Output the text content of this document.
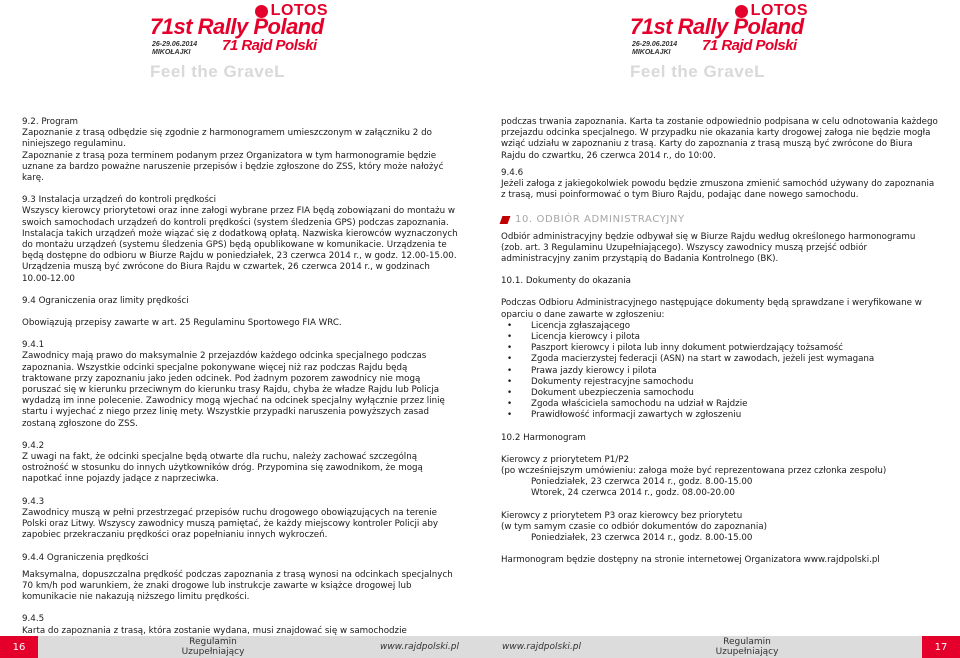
LOTOS
71st Rally Poland
71 Rajd Polski
26-29.06.2014
MIKOŁAJKI
Feel the GraveL
LOTOS
71st Rally Poland
71 Rajd Polski
26-29.06.2014
MIKOŁAJKI
Feel the GraveL

9.2. Program

Zapoznanie z trasą odbędzie się zgodnie z harmonogramem umieszczonym w załączniku 2 do niniejszego regulaminu.

Zapoznanie z trasą poza terminem podanym przez Organizatora w tym harmonogramie będzie uznane za bardzo poważne naruszenie przepisów i będzie zgłoszone do ZSS, który może nałożyć karę.

9.3 Instalacja urządzeń do kontroli prędkości

Wszyscy kierowcy priorytetowi oraz inne załogi wybrane przez FIA będą zobowiązani do montażu w swoich samochodach urządzeń do kontroli prędkości (system śledzenia GPS) podczas zapoznania. Instalacja takich urządzeń może wiązać się z dodatkową opłatą. Nazwiska kierowców wyznaczonych do montażu urządzeń (systemu śledzenia GPS) będą opublikowane w komunikacie. Urządzenia te będą dostępne do odbioru w Biurze Rajdu w poniedziałek, 23 czerwca 2014 r., w godz. 12.00-15.00. Urządzenia muszą być zwrócone do Biura Rajdu w czwartek, 26 czerwca 2014 r., w godzinach 10.00-12.00

9.4 Ograniczenia oraz limity prędkości

Obowiązują przepisy zawarte w art. 25 Regulaminu Sportowego FIA WRC.

9.4.1

Zawodnicy mają prawo do maksymalnie 2 przejazdów każdego odcinka specjalnego podczas zapoznania. Wszystkie odcinki specjalne pokonywane więcej niż raz podczas Rajdu będą traktowane przy zapoznaniu jako jeden odcinek. Pod żadnym pozorem zawodnicy nie mogą poruszać się w kierunku przeciwnym do kierunku trasy Rajdu, chyba że władze Rajdu lub Policja wydadzą im inne polecenie. Zawodnicy mogą wjechać na odcinek specjalny wyłącznie przez linię startu i wyjechać z niego przez linię mety. Wszystkie przypadki naruszenia powyższych zasad zostaną zgłoszone do ZSS.

9.4.2

Z uwagi na fakt, że odcinki specjalne będą otwarte dla ruchu, należy zachować szczególną ostrożność w stosunku do innych użytkowników dróg. Przypomina się zawodnikom, że mogą napotkać inne pojazdy jadące z naprzeciwka.

9.4.3

Zawodnicy muszą w pełni przestrzegać przepisów ruchu drogowego obowiązujących na terenie Polski oraz Litwy. Wszyscy zawodnicy muszą pamiętać, że każdy miejscowy kontroler Policji aby zapobiec przekraczaniu prędkości oraz popełnianiu innych wykroczeń.

9.4.4 Ograniczenia prędkości

Maksymalna, dopuszczalna prędkość podczas zapoznania z trasą wynosi na odcinkach specjalnych 70 km/h pod warunkiem, że znaki drogowe lub instrukcje zawarte w książce drogowej lub komunikacie nie nakazują niższego limitu prędkości.

9.4.5

Karta do zapoznania z trasą, która zostanie wydana, musi znajdować się w samochodzie

podczas trwania zapoznania. Karta ta zostanie odpowiednio podpisana w celu odnotowania każdego przejazdu odcinka specjalnego. W przypadku nie okazania karty drogowej załoga nie będzie mogła wziąć udziału w zapoznaniu z trasą. Karty do zapoznania z trasą muszą być zwrócone do Biura Rajdu do czwartku, 26 czerwca 2014 r., do 10:00.

9.4.6

Jeżeli załoga z jakiegokolwiek powodu będzie zmuszona zmienić samochód używany do zapoznania z trasą, musi poinformować o tym Biuro Rajdu, podając dane nowego samochodu.

10. ODBIÓR ADMINISTRACYJNY

Odbiór administracyjny będzie odbywał się w Biurze Rajdu według określonego harmonogramu (zob. art. 3 Regulaminu Uzupełniającego). Wszyscy zawodnicy muszą przejść odbiór administracyjny zanim przystąpią do Badania Kontrolnego (BK).

10.1. Dokumenty do okazania

Podczas Odbioru Administracyjnego następujące dokumenty będą sprawdzane i weryfikowane w oparciu o dane zawarte w zgłoszeniu:

• Licencja zgłaszającego
• Licencja kierowcy i pilota
• Paszport kierowcy i pilota lub inny dokument potwierdzający tożsamość
• Zgoda macierzystej federacji (ASN) na start w zawodach, jeżeli jest wymagana
• Prawa jazdy kierowcy i pilota
• Dokumenty rejestracyjne samochodu
• Dokument ubezpieczenia samochodu
• Zgoda właściciela samochodu na udział w Rajdzie
• Prawidłowość informacji zawartych w zgłoszeniu

10.2 Harmonogram

Kierowcy z priorytetem P1/P2

(po wcześniejszym umówieniu: załoga może być reprezentowana przez członka zespołu)

Poniedziałek, 23 czerwca 2014 r., godz. 8.00-15.00

Wtorek, 24 czerwca 2014 r., godz. 08.00-20.00

Kierowcy z priorytetem P3 oraz kierowcy bez priorytetu

(w tym samym czasie co odbiór dokumentów do zapoznania)

Poniedziałek, 23 czerwca 2014 r., godz. 8.00-15.00

Harmonogram będzie dostępny na stronie internetowej Organizatora www.rajdpolski.pl

16	Regulamin
Uzupełniający	www.rajdpolski.pl	www.rajdpolski.pl	Regulamin
Uzupełniający	17
